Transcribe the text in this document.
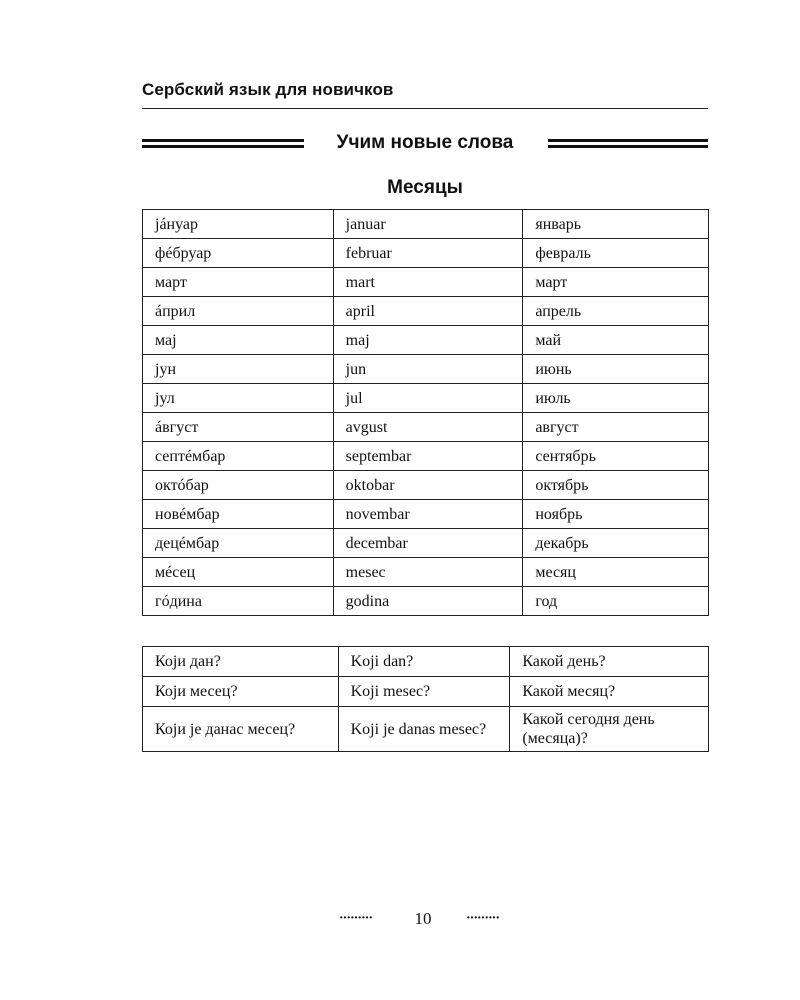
Сербский язык для новичков
Учим новые слова
Месяцы
јáнуар	januar	январь
фéбруар	februar	февраль
март	mart	март
áприл	april	апрель
мај	maj	май
јун	jun	июнь
јул	jul	июль
áвгуст	avgust	август
септéмбар	septembar	сентябрь
октóбар	oktobar	октябрь
новéмбар	novembar	ноябрь
децéмбар	decembar	декабрь
мéсец	mesec	месяц
гóдина	godina	год
Који дан?	Koji dan?	Какой день?
Који месец?	Koji mesec?	Какой месяц?
Који је данас месец?	Koji je danas mesec?	Какой сегодня день (месяца)?
·········	10	·········
